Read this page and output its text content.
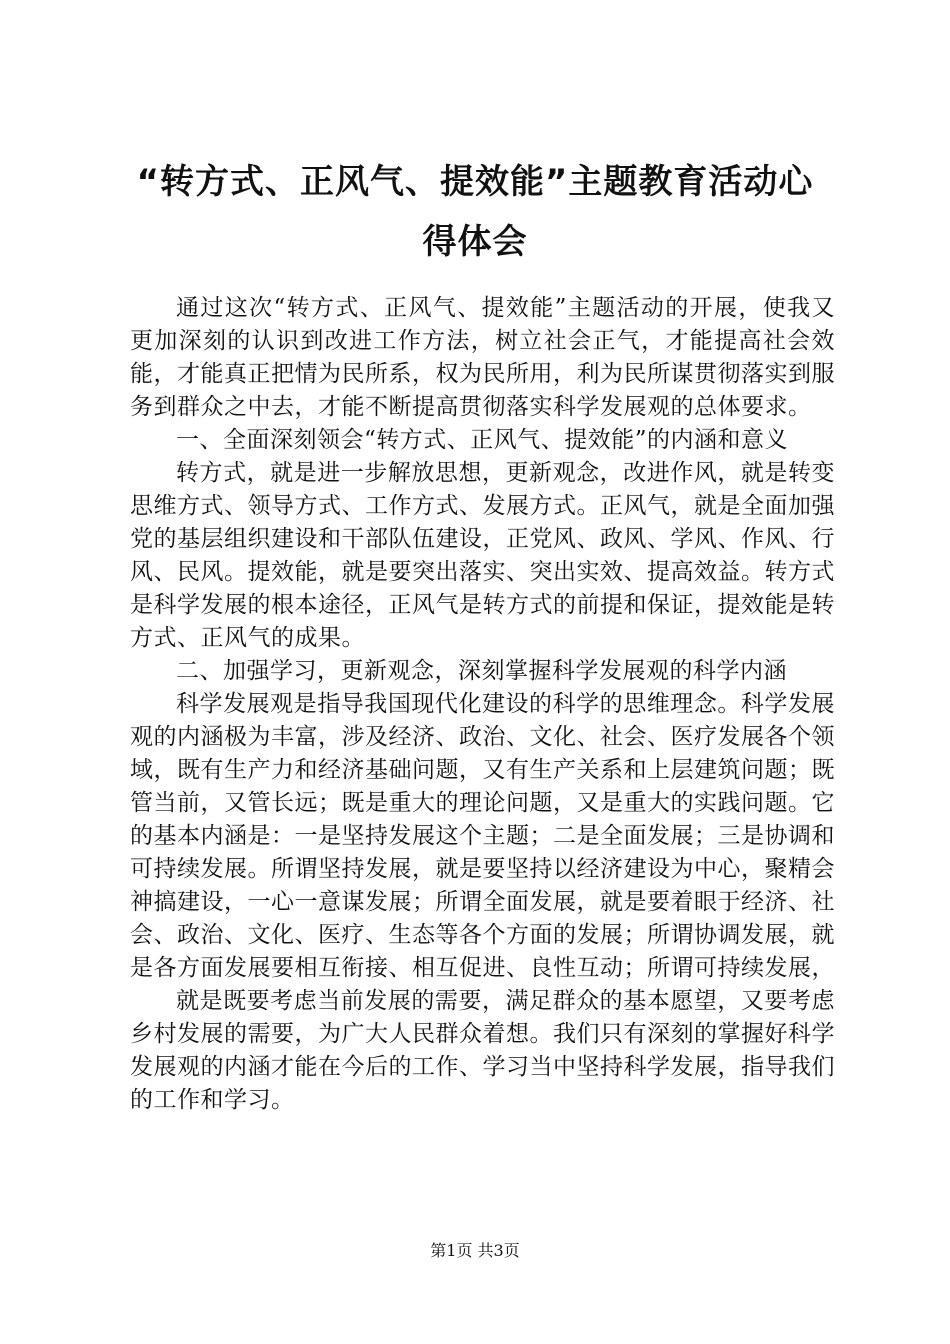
“转方式、正风气、提效能”主题教育活动心
得体会

通过这次“转方式、正风气、提效能”主题活动的开展，使我又更加深刻的认识到改进工作方法，树立社会正气，才能提高社会效能，才能真正把情为民所系，权为民所用，利为民所谋贯彻落实到服务到群众之中去，才能不断提高贯彻落实科学发展观的总体要求。

一、全面深刻领会“转方式、正风气、提效能”的内涵和意义

转方式，就是进一步解放思想，更新观念，改进作风，就是转变思维方式、领导方式、工作方式、发展方式。正风气，就是全面加强党的基层组织建设和干部队伍建设，正党风、政风、学风、作风、行风、民风。提效能，就是要突出落实、突出实效、提高效益。转方式是科学发展的根本途径，正风气是转方式的前提和保证，提效能是转方式、正风气的成果。

二、加强学习，更新观念，深刻掌握科学发展观的科学内涵

科学发展观是指导我国现代化建设的科学的思维理念。科学发展观的内涵极为丰富，涉及经济、政治、文化、社会、医疗发展各个领域，既有生产力和经济基础问题，又有生产关系和上层建筑问题；既管当前，又管长远；既是重大的理论问题，又是重大的实践问题。它的基本内涵是：一是坚持发展这个主题；二是全面发展；三是协调和可持续发展。所谓坚持发展，就是要坚持以经济建设为中心，聚精会神搞建设，一心一意谋发展；所谓全面发展，就是要着眼于经济、社会、政治、文化、医疗、生态等各个方面的发展；所谓协调发展，就是各方面发展要相互衔接、相互促进、良性互动；所谓可持续发展，

就是既要考虑当前发展的需要，满足群众的基本愿望，又要考虑乡村发展的需要，为广大人民群众着想。我们只有深刻的掌握好科学发展观的内涵才能在今后的工作、学习当中坚持科学发展，指导我们的工作和学习。

第1页 共3页
